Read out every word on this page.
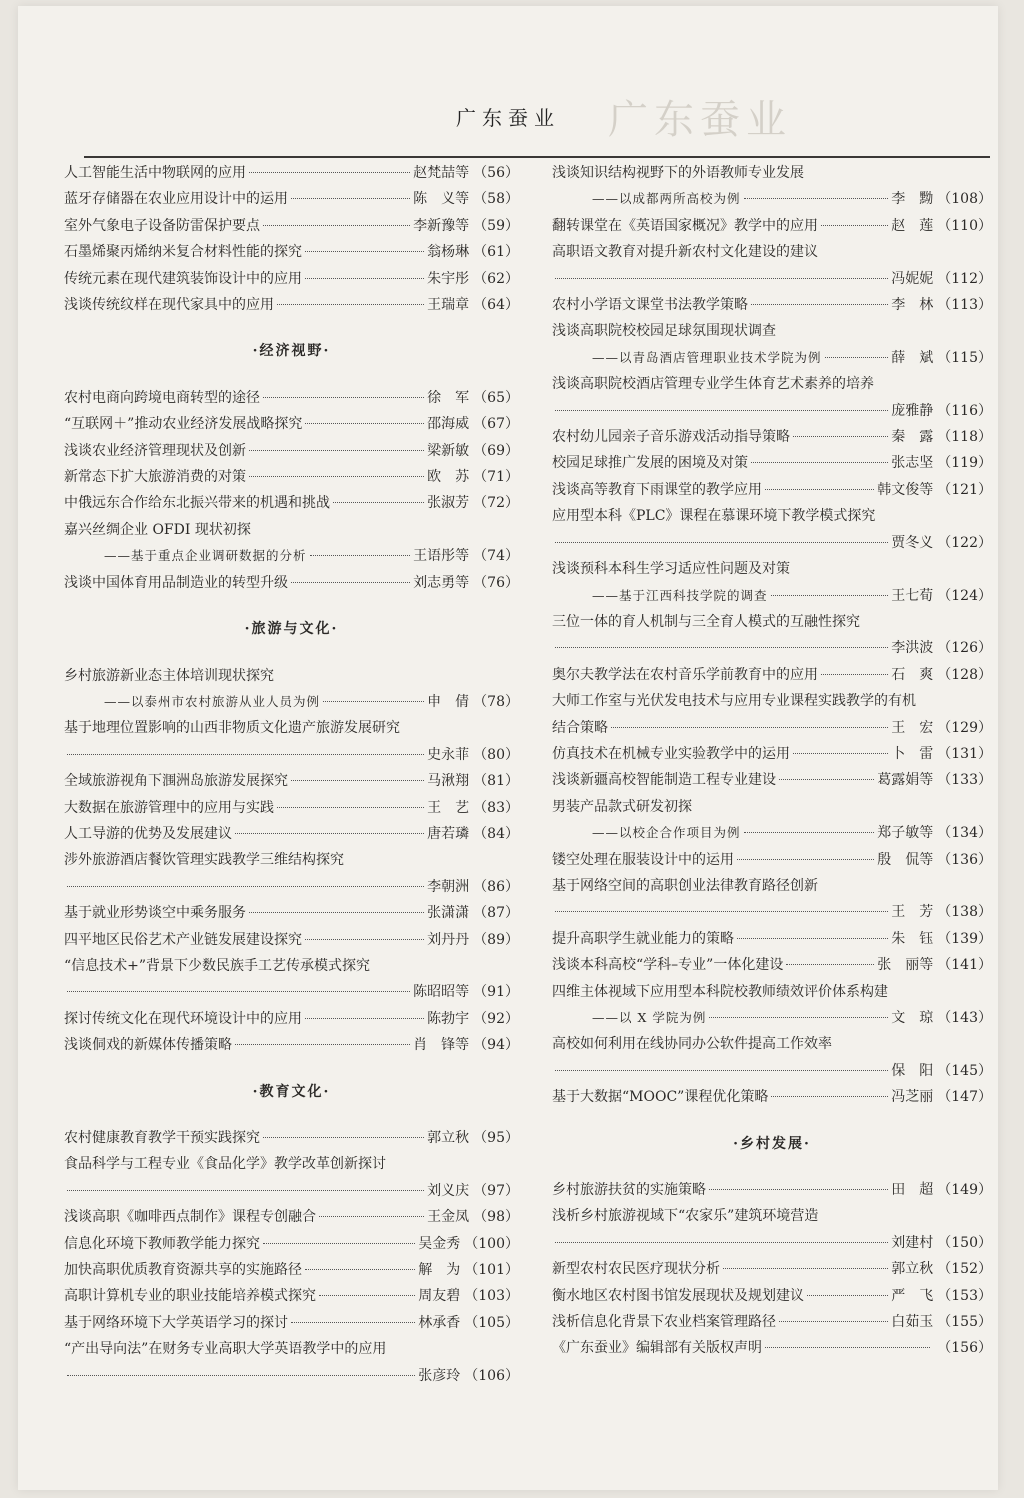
广东蚕业
广东蚕业
人工智能生活中物联网的应用	赵梵喆等 （56）
蓝牙存储器在农业应用设计中的运用	陈　义等 （58）
室外气象电子设备防雷保护要点	李新豫等 （59）
石墨烯聚丙烯纳米复合材料性能的探究	翁杨琳 （61）
传统元素在现代建筑装饰设计中的应用	朱宇彤 （62）
浅谈传统纹样在现代家具中的应用	王瑞章 （64）
·经济视野·
农村电商向跨境电商转型的途径	徐　军 （65）
“互联网＋”推动农业经济发展战略探究	邵海威 （67）
浅谈农业经济管理现状及创新	梁新敏 （69）
新常态下扩大旅游消费的对策	欧　苏 （71）
中俄远东合作给东北振兴带来的机遇和挑战	张淑芳 （72）
嘉兴丝绸企业 OFDI 现状初探
——基于重点企业调研数据的分析	王语彤等 （74）
浅谈中国体育用品制造业的转型升级	刘志勇等 （76）
·旅游与文化·
乡村旅游新业态主体培训现状探究
——以泰州市农村旅游从业人员为例	申　倩 （78）
基于地理位置影响的山西非物质文化遗产旅游发展研究
史永菲 （80）
全域旅游视角下涠洲岛旅游发展探究	马湫翔 （81）
大数据在旅游管理中的应用与实践	王　艺 （83）
人工导游的优势及发展建议	唐若璘 （84）
涉外旅游酒店餐饮管理实践教学三维结构探究
李朝洲 （86）
基于就业形势谈空中乘务服务	张潇潇 （87）
四平地区民俗艺术产业链发展建设探究	刘丹丹 （89）
“信息技术+”背景下少数民族手工艺传承模式探究
陈昭昭等 （91）
探讨传统文化在现代环境设计中的应用	陈勃宇 （92）
浅谈侗戏的新媒体传播策略	肖　锋等 （94）
·教育文化·
农村健康教育教学干预实践探究	郭立秋 （95）
食品科学与工程专业《食品化学》教学改革创新探讨
刘义庆 （97）
浅谈高职《咖啡西点制作》课程专创融合	王金凤 （98）
信息化环境下教师教学能力探究	吴金秀 （100）
加快高职优质教育资源共享的实施路径	解　为 （101）
高职计算机专业的职业技能培养模式探究	周友碧 （103）
基于网络环境下大学英语学习的探讨	林承香 （105）
“产出导向法”在财务专业高职大学英语教学中的应用
张彦玲 （106）
浅谈知识结构视野下的外语教师专业发展
——以成都两所高校为例	李　黝 （108）
翻转课堂在《英语国家概况》教学中的应用	赵　莲 （110）
高职语文教育对提升新农村文化建设的建议
冯妮妮 （112）
农村小学语文课堂书法教学策略	李　林 （113）
浅谈高职院校校园足球氛围现状调查
——以青岛酒店管理职业技术学院为例	薛　斌 （115）
浅谈高职院校酒店管理专业学生体育艺术素养的培养
庞雅静 （116）
农村幼儿园亲子音乐游戏活动指导策略	秦　露 （118）
校园足球推广发展的困境及对策	张志坚 （119）
浅谈高等教育下雨课堂的教学应用	韩文俊等 （121）
应用型本科《PLC》课程在慕课环境下教学模式探究
贾冬义 （122）
浅谈预科本科生学习适应性问题及对策
——基于江西科技学院的调查	王七荀 （124）
三位一体的育人机制与三全育人模式的互融性探究
李洪波 （126）
奥尔夫教学法在农村音乐学前教育中的应用	石　爽 （128）
大师工作室与光伏发电技术与应用专业课程实践教学的有机
结合策略	王　宏 （129）
仿真技术在机械专业实验教学中的运用	卜　雷 （131）
浅谈新疆高校智能制造工程专业建设	葛露娟等 （133）
男装产品款式研发初探
——以校企合作项目为例	郑子敏等 （134）
镂空处理在服装设计中的运用	殷　侃等 （136）
基于网络空间的高职创业法律教育路径创新
王　芳 （138）
提升高职学生就业能力的策略	朱　钰 （139）
浅谈本科高校“学科–专业”一体化建设	张　丽等 （141）
四维主体视域下应用型本科院校教师绩效评价体系构建
——以 X 学院为例	文　琼 （143）
高校如何利用在线协同办公软件提高工作效率
保　阳 （145）
基于大数据“MOOC”课程优化策略	冯芝丽 （147）
·乡村发展·
乡村旅游扶贫的实施策略	田　超 （149）
浅析乡村旅游视域下“农家乐”建筑环境营造
刘建村 （150）
新型农村农民医疗现状分析	郭立秋 （152）
衡水地区农村图书馆发展现状及规划建议	严　飞 （153）
浅析信息化背景下农业档案管理路径	白茹玉 （155）
《广东蚕业》编辑部有关版权声明	（156）
